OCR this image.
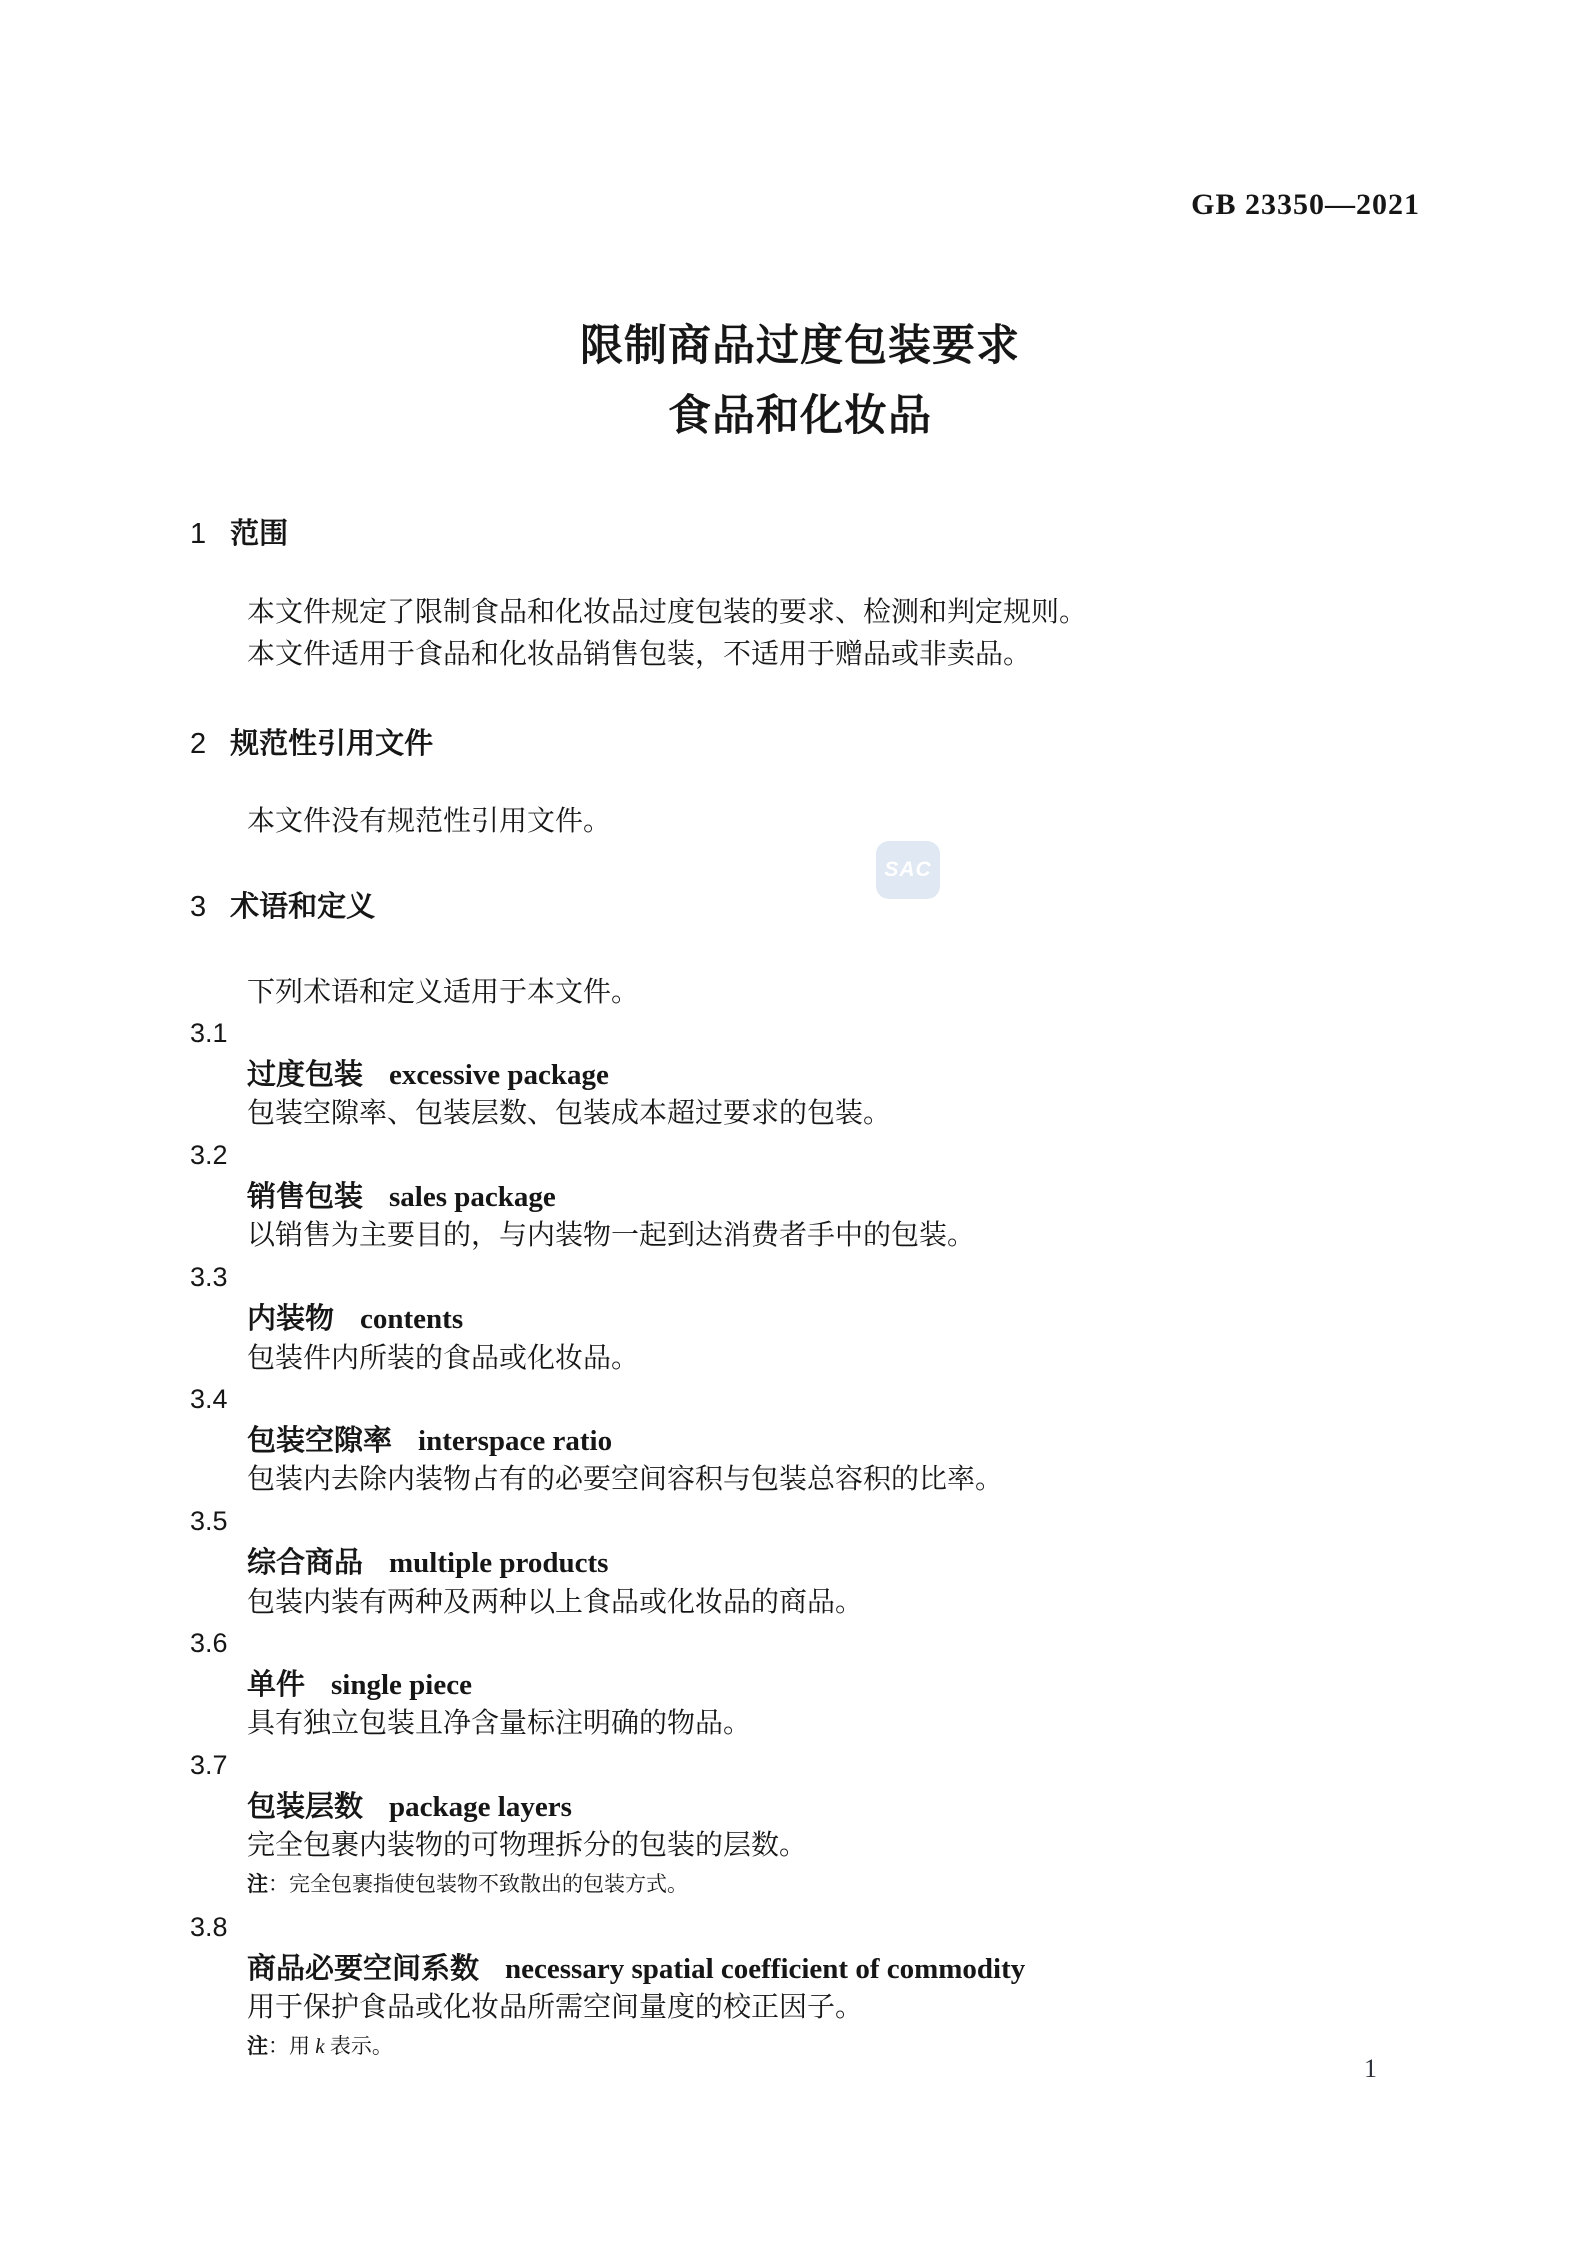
GB 23350—2021
限制商品过度包装要求
食品和化妆品
1 范围
本文件规定了限制食品和化妆品过度包装的要求、检测和判定规则。
本文件适用于食品和化妆品销售包装，不适用于赠品或非卖品。
2 规范性引用文件
本文件没有规范性引用文件。
SAC
3 术语和定义
下列术语和定义适用于本文件。
3.1
过度包装 excessive package
包装空隙率、包装层数、包装成本超过要求的包装。
3.2
销售包装 sales package
以销售为主要目的，与内装物一起到达消费者手中的包装。
3.3
内装物 contents
包装件内所装的食品或化妆品。
3.4
包装空隙率 interspace ratio
包装内去除内装物占有的必要空间容积与包装总容积的比率。
3.5
综合商品 multiple products
包装内装有两种及两种以上食品或化妆品的商品。
3.6
单件 single piece
具有独立包装且净含量标注明确的物品。
3.7
包装层数 package layers
完全包裹内装物的可物理拆分的包装的层数。
注：完全包裹指使包装物不致散出的包装方式。
3.8
商品必要空间系数 necessary spatial coefficient of commodity
用于保护食品或化妆品所需空间量度的校正因子。
注：用 k 表示。
1
